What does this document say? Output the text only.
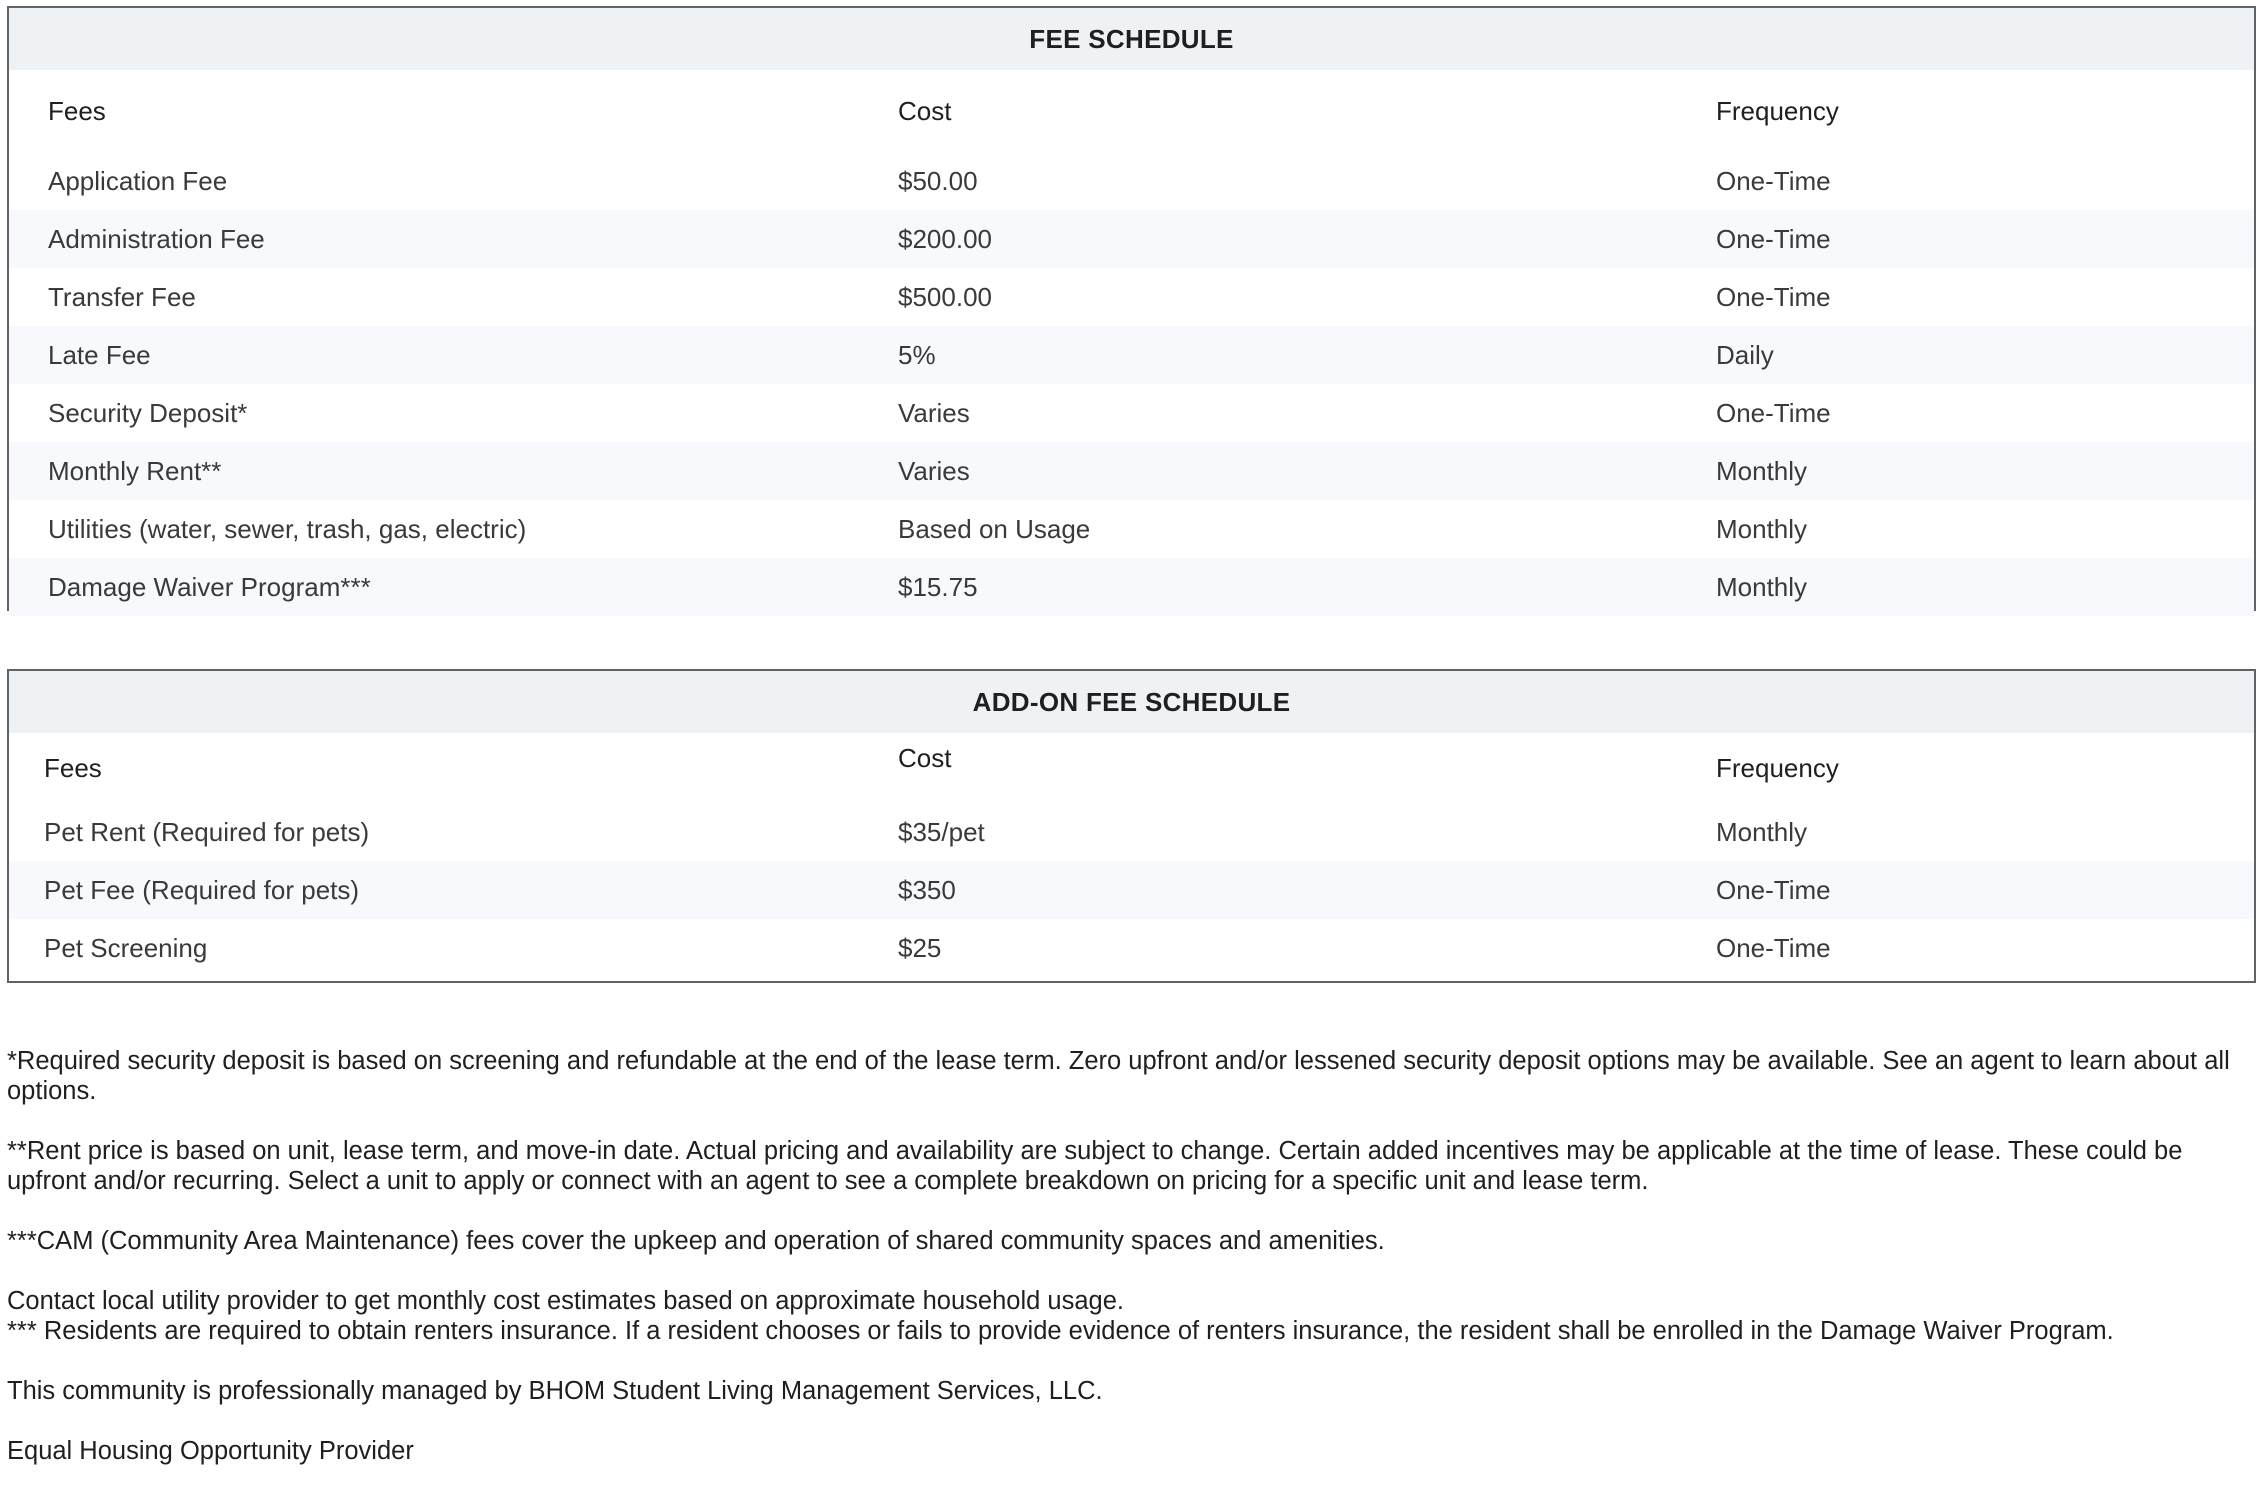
FEE SCHEDULE
Fees	Cost	Frequency
Application Fee	$50.00	One-Time
Administration Fee	$200.00	One-Time
Transfer Fee	$500.00	One-Time
Late Fee	5%	Daily
Security Deposit*	Varies	One-Time
Monthly Rent**	Varies	Monthly
Utilities (water, sewer, trash, gas, electric)	Based on Usage	Monthly
Damage Waiver Program***	$15.75	Monthly
ADD-ON FEE SCHEDULE
Fees	Cost	Frequency
Pet Rent (Required for pets)	$35/pet	Monthly
Pet Fee (Required for pets)	$350	One-Time
Pet Screening	$25	One-Time

*Required security deposit is based on screening and refundable at the end of the lease term. Zero upfront and/or lessened security deposit options may be available. See an agent to learn about all options.

**Rent price is based on unit, lease term, and move-in date. Actual pricing and availability are subject to change. Certain added incentives may be applicable at the time of lease. These could be upfront and/or recurring. Select a unit to apply or connect with an agent to see a complete breakdown on pricing for a specific unit and lease term.

***CAM (Community Area Maintenance) fees cover the upkeep and operation of shared community spaces and amenities.

Contact local utility provider to get monthly cost estimates based on approximate household usage.

*** Residents are required to obtain renters insurance. If a resident chooses or fails to provide evidence of renters insurance, the resident shall be enrolled in the Damage Waiver Program.

This community is professionally managed by BHOM Student Living Management Services, LLC.

Equal Housing Opportunity Provider
